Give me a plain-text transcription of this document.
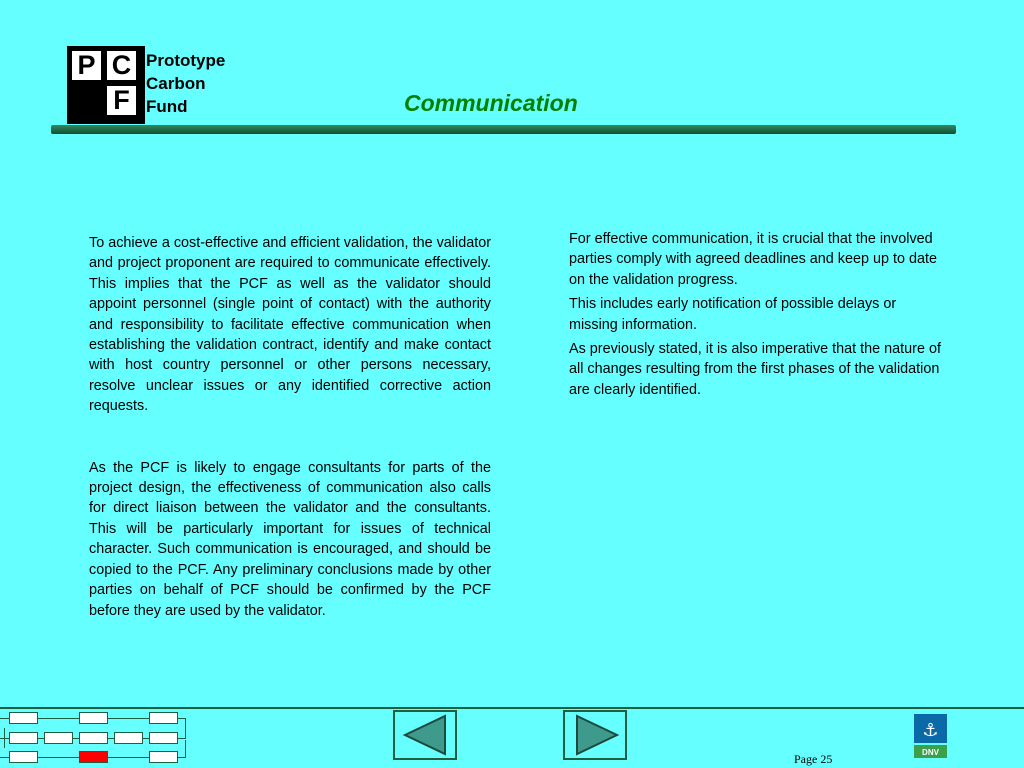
P C
F
Prototype
Carbon
Fund	Communication

To achieve a cost-effective and efficient validation, the validator and project proponent are required to communicate effectively. This implies that the PCF as well as the validator should appoint personnel (single point of contact) with the authority and responsibility to facilitate effective communication when establishing the validation contract, identify and make contact with host country personnel or other persons necessary, resolve unclear issues or any identified corrective action requests.

As the PCF is likely to engage consultants for parts of the project design, the effectiveness of communication also calls for direct liaison between the validator and the consultants. This will be particularly important for issues of technical character. Such communication is encouraged, and should be copied to the PCF. Any preliminary conclusions made by other parties on behalf of PCF should be confirmed by the PCF before they are used by the validator.

For effective communication, it is crucial that the involved parties comply with agreed deadlines and keep up to date on the validation progress.

This includes early notification of possible delays or missing information.

As previously stated, it is also imperative that the nature of all changes resulting from the first phases of the validation are clearly identified.

⚓
DNV
Page 25
